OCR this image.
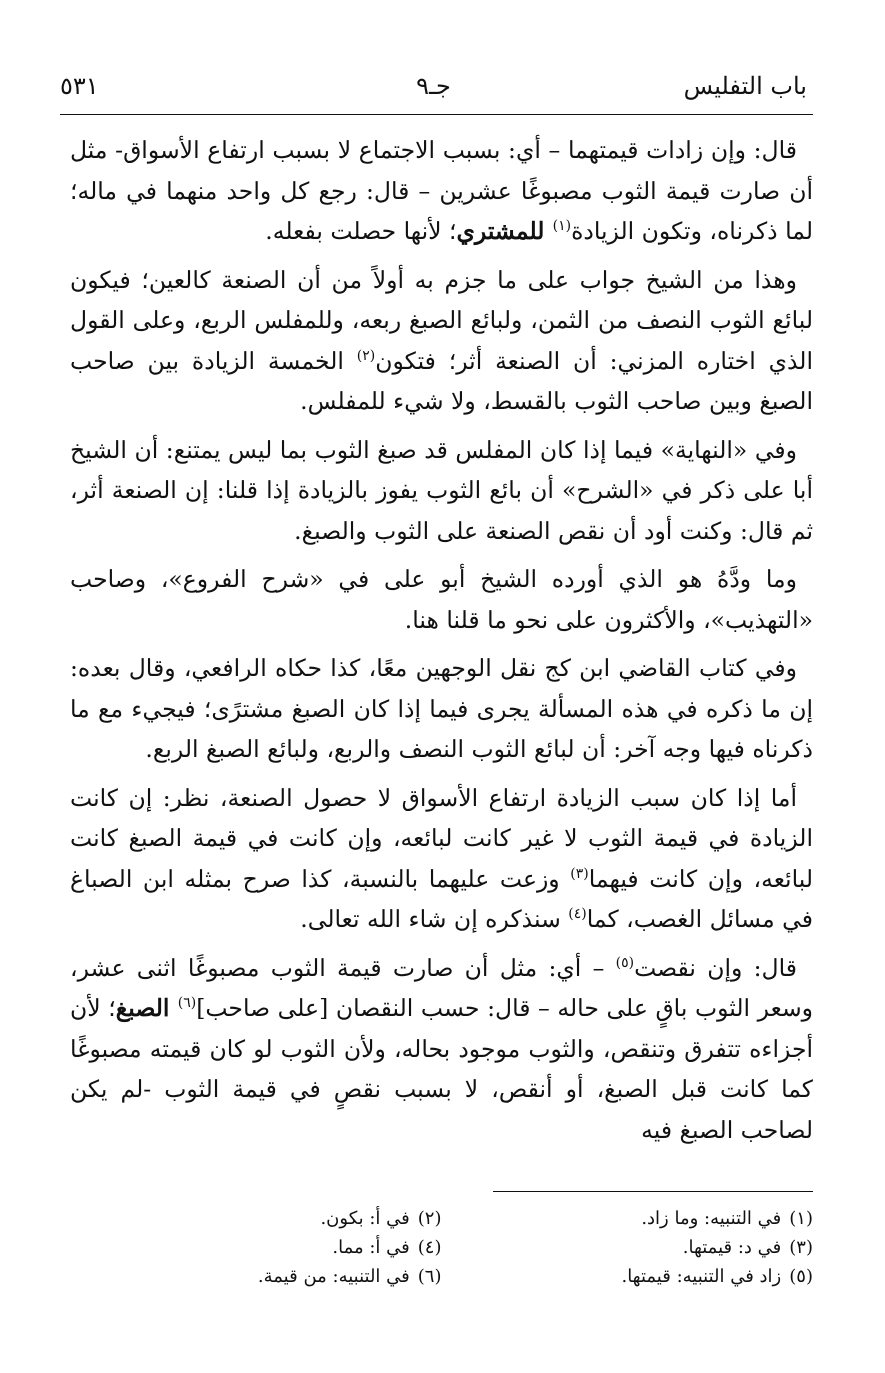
باب التفليس
جـ٩
٥٣١

قال: وإن زادات قيمتهما – أي: بسبب الاجتماع لا بسبب ارتفاع الأسواق- مثل أن صارت قيمة الثوب مصبوغًا عشرين – قال: رجع كل واحد منهما في ماله؛ لما ذكرناه، وتكون الزيادة$^{(١)}$ للمشتري؛ لأنها حصلت بفعله.

وهذا من الشيخ جواب على ما جزم به أولاً من أن الصنعة كالعين؛ فيكون لبائع الثوب النصف من الثمن، ولبائع الصبغ ربعه، وللمفلس الربع، وعلى القول الذي اختاره المزني: أن الصنعة أثر؛ فتكون$^{(٢)}$ الخمسة الزيادة بين صاحب الصبغ وبين صاحب الثوب بالقسط، ولا شيء للمفلس.

وفي «النهاية» فيما إذا كان المفلس قد صبغ الثوب بما ليس يمتنع: أن الشيخ أبا على ذكر في «الشرح» أن بائع الثوب يفوز بالزيادة إذا قلنا: إن الصنعة أثر، ثم قال: وكنت أود أن نقص الصنعة على الثوب والصبغ.

وما ودَّهُ هو الذي أورده الشيخ أبو على في «شرح الفروع»، وصاحب «التهذيب»، والأكثرون على نحو ما قلنا هنا.

وفي كتاب القاضي ابن كج نقل الوجهين معًا، كذا حكاه الرافعي، وقال بعده: إن ما ذكره في هذه المسألة يجرى فيما إذا كان الصبغ مشترًى؛ فيجيء مع ما ذكرناه فيها وجه آخر: أن لبائع الثوب النصف والربع، ولبائع الصبغ الربع.

أما إذا كان سبب الزيادة ارتفاع الأسواق لا حصول الصنعة، نظر: إن كانت الزيادة في قيمة الثوب لا غير كانت لبائعه، وإن كانت في قيمة الصبغ كانت لبائعه، وإن كانت فيهما$^{(٣)}$ وزعت عليهما بالنسبة، كذا صرح بمثله ابن الصباغ في مسائل الغصب، كما$^{(٤)}$ سنذكره إن شاء الله تعالى.

قال: وإن نقصت$^{(٥)}$ – أي: مثل أن صارت قيمة الثوب مصبوغًا اثنى عشر، وسعر الثوب باقٍ على حاله – قال: حسب النقصان [على صاحب]$^{(٦)}$ الصبغ؛ لأن أجزاءه تتفرق وتنقص، والثوب موجود بحاله، ولأن الثوب لو كان قيمته مصبوغًا كما كانت قبل الصبغ، أو أنقص، لا بسبب نقصٍ في قيمة الثوب -لم يكن لصاحب الصبغ فيه

(١)في التنبيه: وما زاد.
(٢)في أ: بكون.
(٣)في د: قيمتها.
(٤)في أ: مما.
(٥)زاد في التنبيه: قيمتها.
(٦)في التنبيه: من قيمة.
